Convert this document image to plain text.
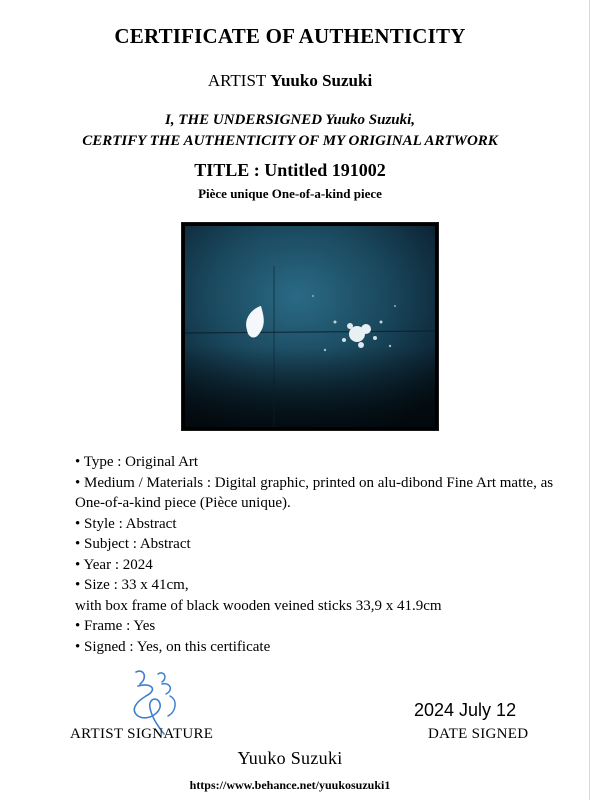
CERTIFICATE OF AUTHENTICITY
ARTIST Yuuko Suzuki
I, THE UNDERSIGNED Yuuko Suzuki,
CERTIFY THE AUTHENTICITY OF MY ORIGINAL ARTWORK
TITLE : Untitled 191002
Pièce unique One-of-a-kind piece
• Type : Original Art
• Medium / Materials : Digital graphic, printed on alu-dibond Fine Art matte, as One-of-a-kind piece (Pièce unique).
• Style : Abstract
• Subject : Abstract
• Year : 2024
• Size : 33 x 41cm,
with box frame of black wooden veined sticks 33,9 x 41.9cm
• Frame : Yes
• Signed : Yes, on this certificate
ARTIST SIGNATURE
2024 July 12
DATE SIGNED
Yuuko Suzuki
https://www.behance.net/yuukosuzuki1
